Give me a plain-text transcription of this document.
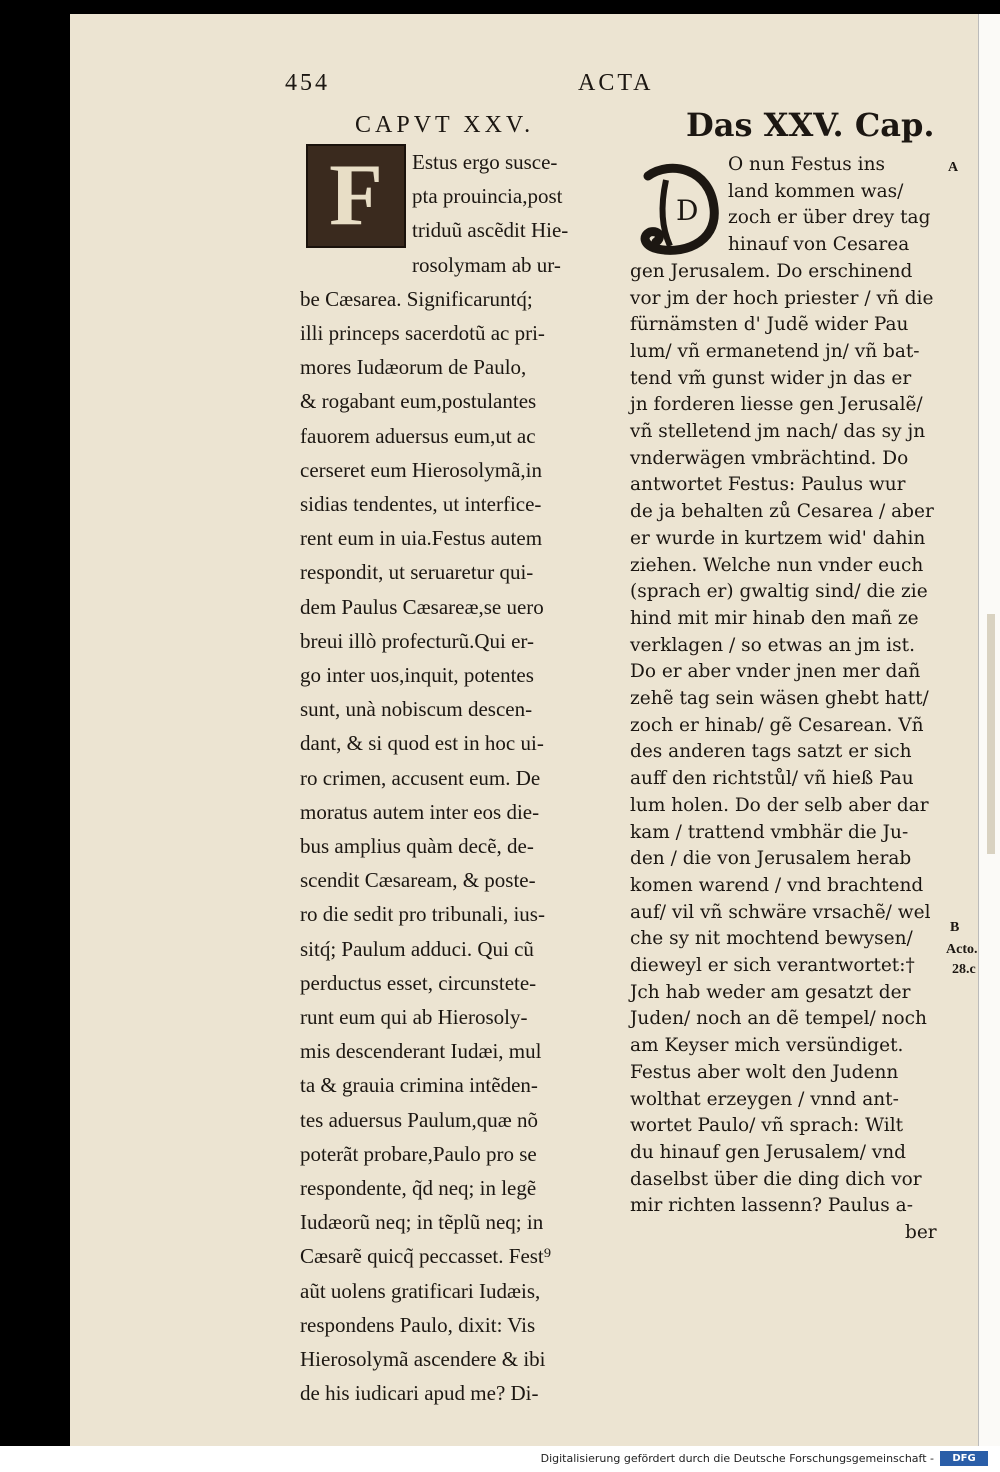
454	ACTA
CAPVT XXV.	Das XXV. Cap.
F	D
Estus ergo susce-
pta prouincia,post
triduũ ascẽdit Hie-
rosolymam ab ur-
be Cæsarea. Significaruntq́;
illi princeps sacerdotũ ac pri-
mores Iudæorum de Paulo,
& rogabant eum,postulantes
fauorem aduersus eum,ut ac
cerseret eum Hierosolymã,in
sidias tendentes, ut interfice-
rent eum in uia.Festus autem
respondit, ut seruaretur qui-
dem Paulus Cæsareæ,se uero
breui illò profecturũ.Qui er-
go inter uos,inquit, potentes
sunt, unà nobiscum descen-
dant, & si quod est in hoc ui-
ro crimen, accusent eum. De
moratus autem inter eos die-
bus amplius quàm decẽ, de-
scendit Cæsaream, & poste-
ro die sedit pro tribunali, ius-
sitq́; Paulum adduci. Qui cũ
perductus esset, circunstete-
runt eum qui ab Hierosoly-
mis descenderant Iudæi, mul
ta & grauia crimina intẽden-
tes aduersus Paulum,quæ nõ
poterãt probare,Paulo pro se
respondente, q̃d neq; in legẽ
Iudæorũ neq; in tẽplũ neq; in
Cæsarẽ quicq̃ peccasset. Fest⁹
aũt uolens gratificari Iudæis,
respondens Paulo, dixit: Vis
Hierosolymã ascendere & ibi
de his iudicari apud me? Di-
O nun Festus ins
land kommen was/
zoch er über drey tag
hinauf von Cesarea
gen Jerusalem. Do erschinend
vor jm der hoch priester / vñ die
fürnämsten d' Judẽ wider Pau
lum/ vñ ermanetend jn/ vñ bat-
tend vm̃ gunst wider jn das er
jn forderen liesse gen Jerusalẽ/
vñ stelletend jm nach/ das sy jn
vnderwägen vmbrächtind. Do
antwortet Festus: Paulus wur
de ja behalten zů Cesarea / aber
er wurde in kurtzem wid' dahin
ziehen. Welche nun vnder euch
(sprach er) gwaltig sind/ die zie
hind mit mir hinab den mañ ze
verklagen / so etwas an jm ist.
Do er aber vnder jnen mer dañ
zehẽ tag sein wäsen ghebt hatt/
zoch er hinab/ gẽ Cesarean. Vñ
des anderen tags satzt er sich
auff den richtstůl/ vñ hieß Pau
lum holen. Do der selb aber dar
kam / trattend vmbhär die Ju-
den / die von Jerusalem herab
komen warend / vnd brachtend
auf/ vil vñ schwäre vrsachẽ/ wel
che sy nit mochtend bewysen/
dieweyl er sich verantwortet:†
Jch hab weder am gesatzt der
Juden/ noch an dẽ tempel/ noch
am Keyser mich versündiget.
Festus aber wolt den Judenn
wolthat erzeygen / vnnd ant-
wortet Paulo/ vñ sprach: Wilt
du hinauf gen Jerusalem/ vnd
daselbst über die ding dich vor
mir richten lassenn? Paulus a-
ber
A
B
Acto.
28.c
Digitalisierung gefördert durch die Deutsche Forschungsgemeinschaft -	DFG
